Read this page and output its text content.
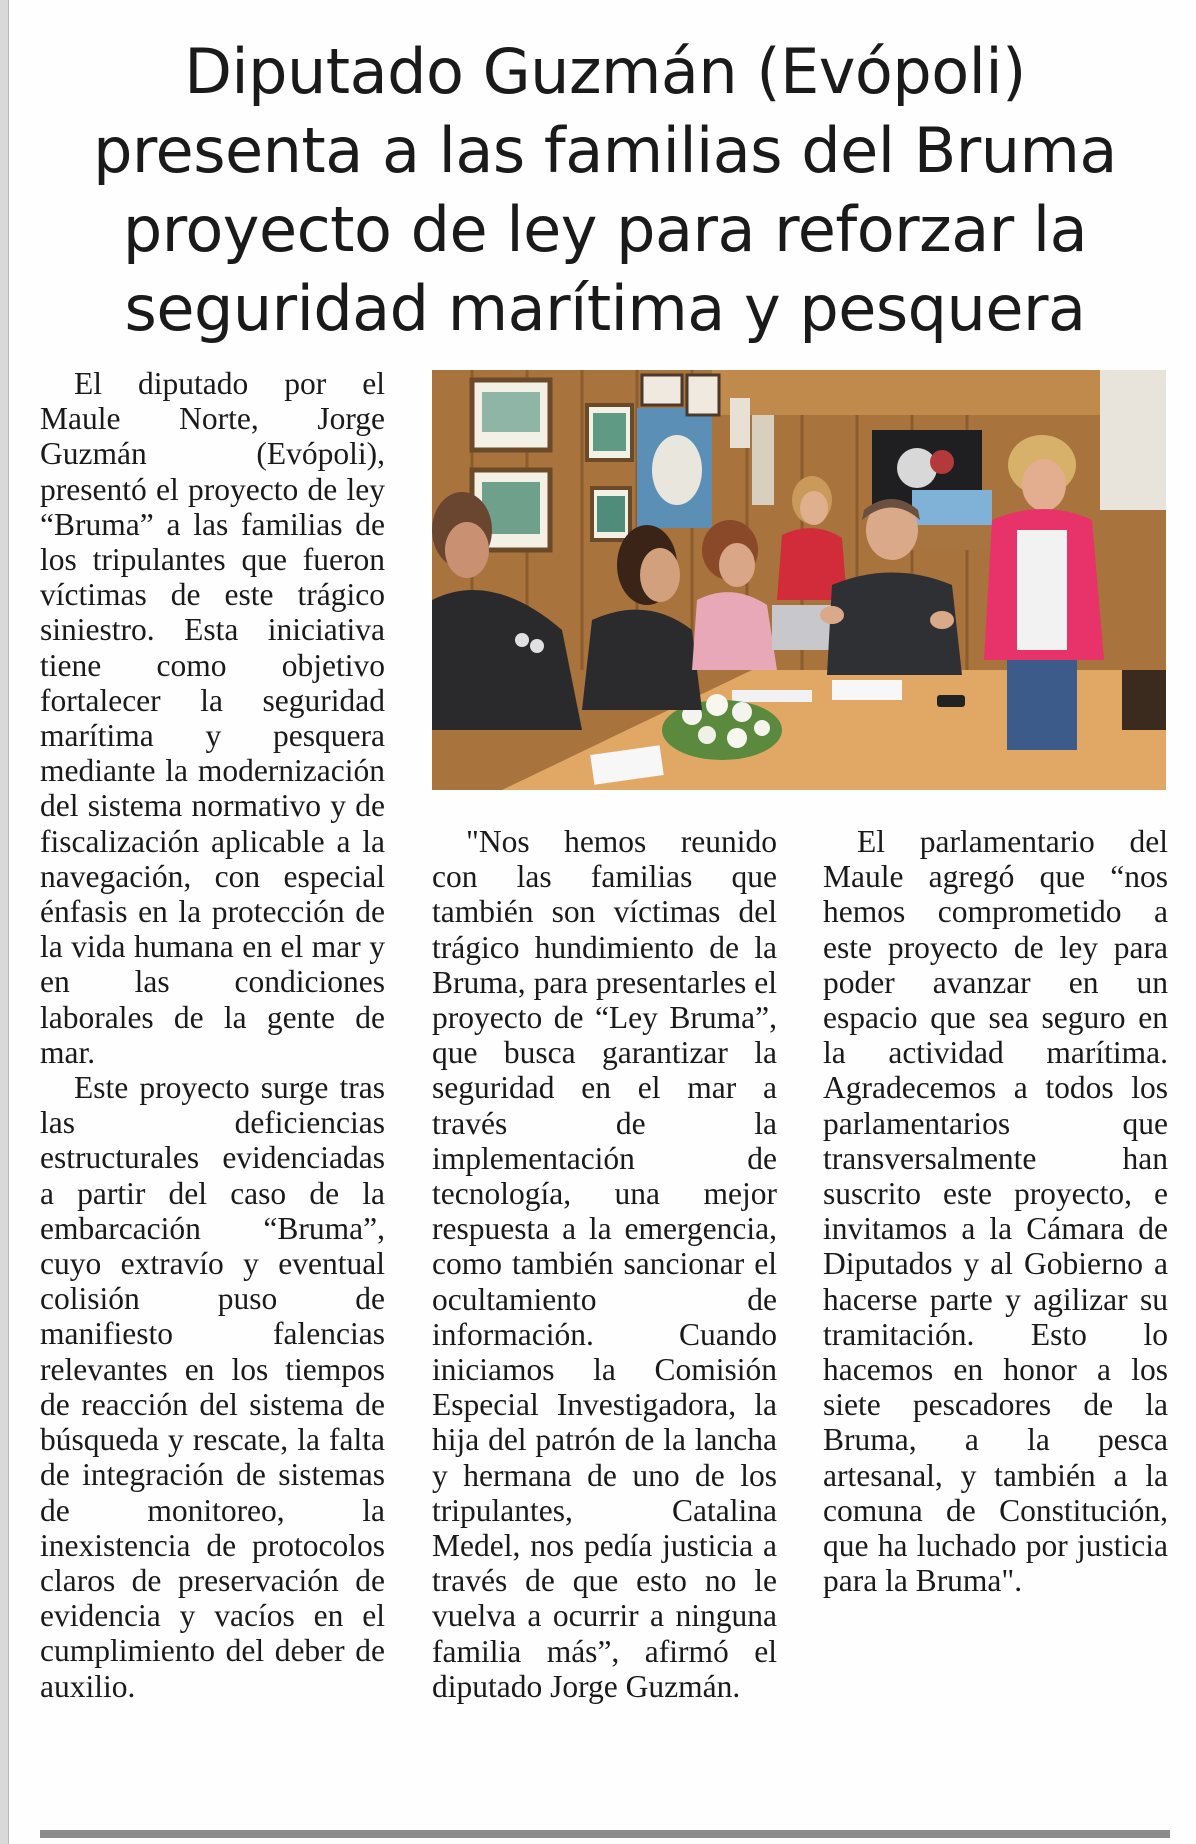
Diputado Guzmán (Evópoli) presenta a las familias del Bruma proyecto de ley para reforzar la seguridad marítima y pesquera

El diputado por el Maule Norte, Jorge Guzmán (Evópoli), presentó el proyecto de ley “Bruma” a las familias de los tripulantes que fueron víctimas de este trágico siniestro. Esta iniciativa tiene como objetivo fortalecer la seguridad marítima y pesquera mediante la modernización del sistema normativo y de fiscalización aplicable a la navegación, con especial énfasis en la protección de la vida humana en el mar y en las condiciones laborales de la gente de mar.

Este proyecto surge tras las deficiencias estructurales evidenciadas a partir del caso de la embarcación “Bruma”, cuyo extravío y eventual colisión puso de manifiesto falencias relevantes en los tiempos de reacción del sistema de búsqueda y rescate, la falta de integración de sistemas de monitoreo, la inexistencia de protocolos claros de preservación de evidencia y vacíos en el cumplimiento del deber de auxilio.

"Nos hemos reunido con las familias que también son víctimas del trágico hundimiento de la Bruma, para presentarles el proyecto de “Ley Bruma”, que busca garantizar la seguridad en el mar a través de la implementación de tecnología, una mejor respuesta a la emergencia, como también sancionar el ocultamiento de información. Cuando iniciamos la Comisión Especial Investigadora, la hija del patrón de la lancha y hermana de uno de los tripulantes, Catalina Medel, nos pedía justicia a través de que esto no le vuelva a ocurrir a ninguna familia más”, afirmó el diputado Jorge Guzmán.

El parlamentario del Maule agregó que “nos hemos comprometido a este proyecto de ley para poder avanzar en un espacio que sea seguro en la actividad marítima. Agradecemos a todos los parlamentarios que transversalmente han suscrito este proyecto, e invitamos a la Cámara de Diputados y al Gobierno a hacerse parte y agilizar su tramitación. Esto lo hacemos en honor a los siete pescadores de la Bruma, a la pesca artesanal, y también a la comuna de Constitución, que ha luchado por justicia para la Bruma".
